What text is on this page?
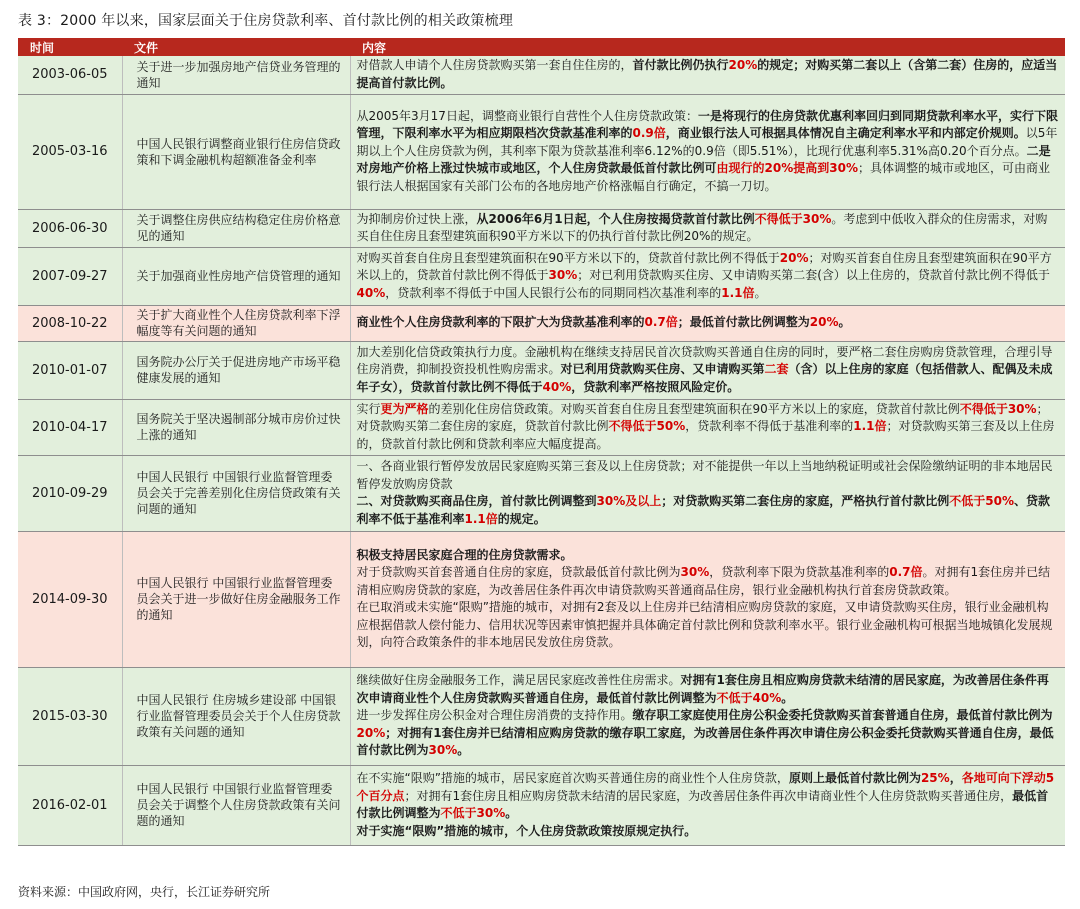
表 3：2000 年以来，国家层面关于住房贷款利率、首付款比例的相关政策梳理
时间	文件	内容
2003-06-05	关于进一步加强房地产信贷业务管理的通知	对借款人申请个人住房贷款购买第一套自住住房的，首付款比例仍执行20%的规定；对购买第二套以上（含第二套）住房的，应适当提高首付款比例。
2005-03-16	中国人民银行调整商业银行住房信贷政策和下调金融机构超额准备金利率	从2005年3月17日起，调整商业银行自营性个人住房贷款政策：一是将现行的住房贷款优惠利率回归到同期贷款利率水平，实行下限管理，下限利率水平为相应期限档次贷款基准利率的0.9倍，商业银行法人可根据具体情况自主确定利率水平和内部定价规则。以5年期以上个人住房贷款为例，其利率下限为贷款基准利率6.12%的0.9倍（即5.51%），比现行优惠利率5.31%高0.20个百分点。二是对房地产价格上涨过快城市或地区，个人住房贷款最低首付款比例可由现行的20%提高到30%；具体调整的城市或地区，可由商业银行法人根据国家有关部门公布的各地房地产价格涨幅自行确定，不搞一刀切。
2006-06-30	关于调整住房供应结构稳定住房价格意见的通知	为抑制房价过快上涨，从2006年6月1日起，个人住房按揭贷款首付款比例不得低于30%。考虑到中低收入群众的住房需求，对购买自住住房且套型建筑面积90平方米以下的仍执行首付款比例20%的规定。
2007-09-27	关于加强商业性房地产信贷管理的通知	对购买首套自住房且套型建筑面积在90平方米以下的，贷款首付款比例不得低于20%；对购买首套自住房且套型建筑面积在90平方米以上的，贷款首付款比例不得低于30%；对已利用贷款购买住房、又申请购买第二套(含）以上住房的，贷款首付款比例不得低于40%，贷款利率不得低于中国人民银行公布的同期同档次基准利率的1.1倍。
2008-10-22	关于扩大商业性个人住房贷款利率下浮幅度等有关问题的通知	商业性个人住房贷款利率的下限扩大为贷款基准利率的0.7倍；最低首付款比例调整为20%。
2010-01-07	国务院办公厅关于促进房地产市场平稳健康发展的通知	加大差别化信贷政策执行力度。金融机构在继续支持居民首次贷款购买普通自住房的同时，要严格二套住房购房贷款管理，合理引导住房消费，抑制投资投机性购房需求。对已利用贷款购买住房、又申请购买第二套（含）以上住房的家庭（包括借款人、配偶及未成年子女），贷款首付款比例不得低于40%，贷款利率严格按照风险定价。
2010-04-17	国务院关于坚决遏制部分城市房价过快上涨的通知	实行更为严格的差别化住房信贷政策。对购买首套自住房且套型建筑面积在90平方米以上的家庭，贷款首付款比例不得低于30%；对贷款购买第二套住房的家庭，贷款首付款比例不得低于50%，贷款利率不得低于基准利率的1.1倍；对贷款购买第三套及以上住房的，贷款首付款比例和贷款利率应大幅度提高。
2010-09-29	中国人民银行 中国银行业监督管理委员会关于完善差别化住房信贷政策有关问题的通知	一、各商业银行暂停发放居民家庭购买第三套及以上住房贷款；对不能提供一年以上当地纳税证明或社会保险缴纳证明的非本地居民暂停发放购房贷款
二、对贷款购买商品住房，首付款比例调整到30%及以上；对贷款购买第二套住房的家庭，严格执行首付款比例不低于50%、贷款利率不低于基准利率1.1倍的规定。
2014-09-30	中国人民银行 中国银行业监督管理委员会关于进一步做好住房金融服务工作的通知	积极支持居民家庭合理的住房贷款需求。
对于贷款购买首套普通自住房的家庭，贷款最低首付款比例为30%，贷款利率下限为贷款基准利率的0.7倍。对拥有1套住房并已结清相应购房贷款的家庭，为改善居住条件再次申请贷款购买普通商品住房，银行业金融机构执行首套房贷款政策。
在已取消或未实施“限购”措施的城市，对拥有2套及以上住房并已结清相应购房贷款的家庭，又申请贷款购买住房，银行业金融机构应根据借款人偿付能力、信用状况等因素审慎把握并具体确定首付款比例和贷款利率水平。银行业金融机构可根据当地城镇化发展规划，向符合政策条件的非本地居民发放住房贷款。
2015-03-30	中国人民银行 住房城乡建设部 中国银行业监督管理委员会关于个人住房贷款政策有关问题的通知	继续做好住房金融服务工作，满足居民家庭改善性住房需求。对拥有1套住房且相应购房贷款未结清的居民家庭，为改善居住条件再次申请商业性个人住房贷款购买普通自住房，最低首付款比例调整为不低于40%。
进一步发挥住房公积金对合理住房消费的支持作用。缴存职工家庭使用住房公积金委托贷款购买首套普通自住房，最低首付款比例为20%；对拥有1套住房并已结清相应购房贷款的缴存职工家庭，为改善居住条件再次申请住房公积金委托贷款购买普通自住房，最低首付款比例为30%。
2016-02-01	中国人民银行 中国银行业监督管理委员会关于调整个人住房贷款政策有关问题的通知	在不实施“限购”措施的城市，居民家庭首次购买普通住房的商业性个人住房贷款，原则上最低首付款比例为25%，各地可向下浮动5个百分点；对拥有1套住房且相应购房贷款未结清的居民家庭，为改善居住条件再次申请商业性个人住房贷款购买普通住房，最低首付款比例调整为不低于30%。
对于实施“限购”措施的城市，个人住房贷款政策按原规定执行。
资料来源：中国政府网，央行，长江证券研究所
